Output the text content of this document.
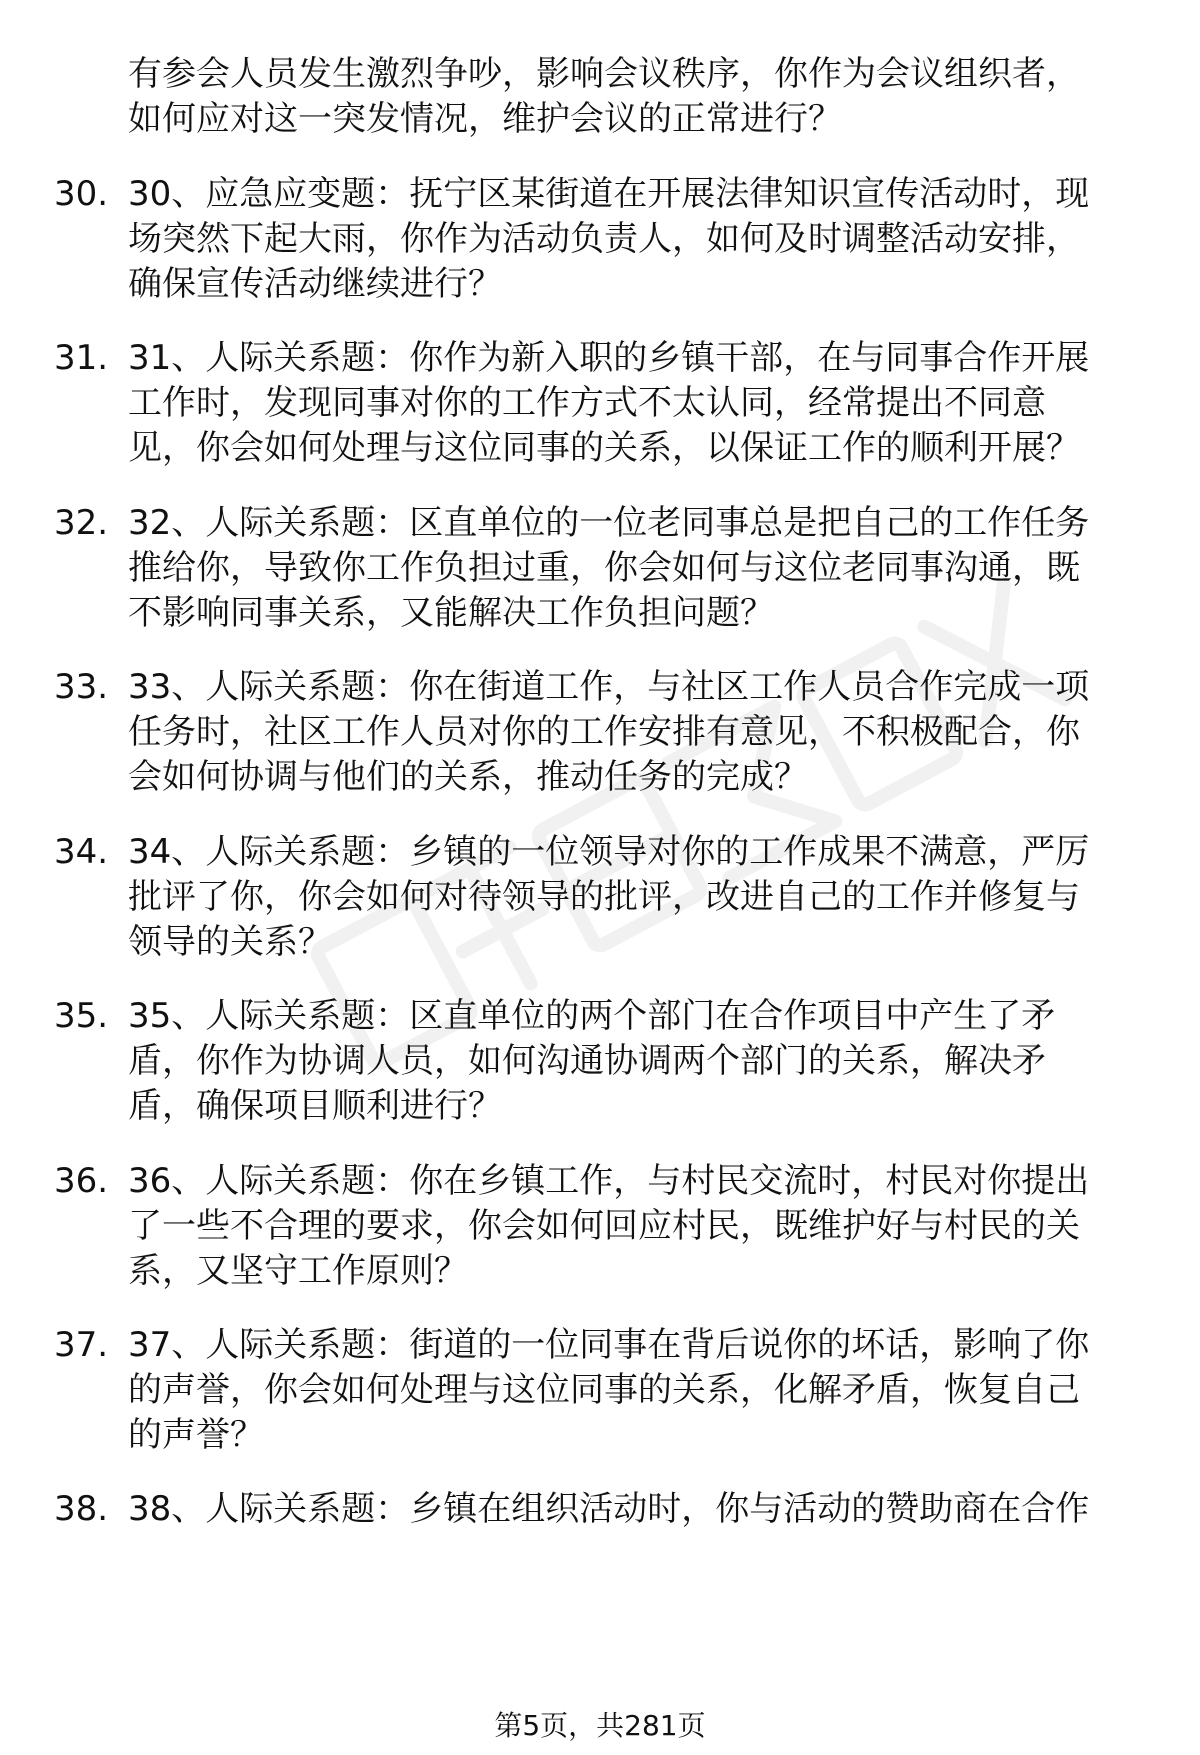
有参会人员发生激烈争吵，影响会议秩序，你作为会议组织者，
如何应对这一突发情况，维护会议的正常进行？
30. 30、应急应变题：抚宁区某街道在开展法律知识宣传活动时，现
场突然下起大雨，你作为活动负责人，如何及时调整活动安排，
确保宣传活动继续进行？
31. 31、人际关系题：你作为新入职的乡镇干部，在与同事合作开展
工作时，发现同事对你的工作方式不太认同，经常提出不同意
见，你会如何处理与这位同事的关系，以保证工作的顺利开展？
32. 32、人际关系题：区直单位的一位老同事总是把自己的工作任务
推给你，导致你工作负担过重，你会如何与这位老同事沟通，既
不影响同事关系，又能解决工作负担问题？
33. 33、人际关系题：你在街道工作，与社区工作人员合作完成一项
任务时，社区工作人员对你的工作安排有意见，不积极配合，你
会如何协调与他们的关系，推动任务的完成？
34. 34、人际关系题：乡镇的一位领导对你的工作成果不满意，严厉
批评了你，你会如何对待领导的批评，改进自己的工作并修复与
领导的关系？
35. 35、人际关系题：区直单位的两个部门在合作项目中产生了矛
盾，你作为协调人员，如何沟通协调两个部门的关系，解决矛
盾，确保项目顺利进行？
36. 36、人际关系题：你在乡镇工作，与村民交流时，村民对你提出
了一些不合理的要求，你会如何回应村民，既维护好与村民的关
系，又坚守工作原则？
37. 37、人际关系题：街道的一位同事在背后说你的坏话，影响了你
的声誉，你会如何处理与这位同事的关系，化解矛盾，恢复自己
的声誉？
38. 38、人际关系题：乡镇在组织活动时，你与活动的赞助商在合作
第5页，共281页
